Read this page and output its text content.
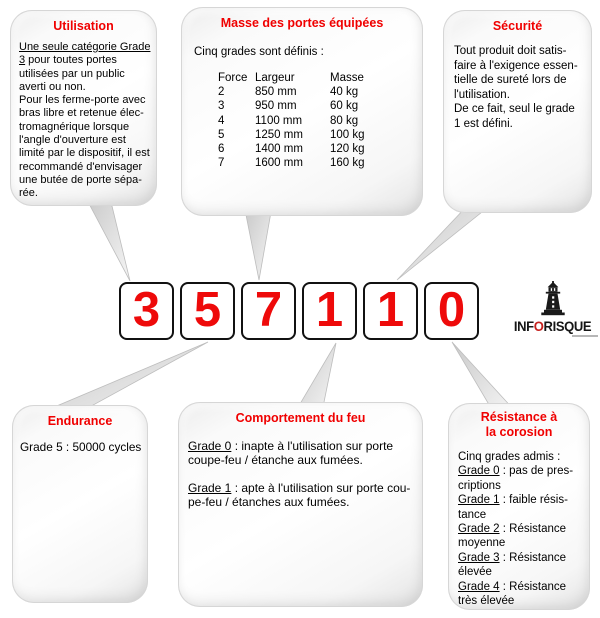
Utilisation
Une seule catégorie Grade
3 pour toutes portes
utilisées par un public
averti ou non.
Pour les ferme-porte avec
bras libre et retenue élec-
tromagnérique lorsque
l'angle d'ouverture est
limité par le dispositif, il est
recommandé d'envisager
une butée de porte sépa-
rée.
Masse des portes équipées
Cinq grades sont définis :
Force Largeur	Masse
2	850 mm	40 kg
3	950 mm	60 kg
4	1100 mm	80 kg
5	1250 mm	100 kg
6	1400 mm	120 kg
7	1600 mm	160 kg
Sécurité
Tout produit doit satis-
faire à l'exigence essen-
tielle de sureté lors de
l'utilisation.
De ce fait, seul le grade
1 est défini.
3 5 7 1 1 0	INFORISQUE
Endurance
Grade 5 : 50000 cycles
Comportement du feu
Grade 0 : inapte à l'utilisation sur porte
coupe-feu / étanche aux fumées.
Grade 1 : apte à l'utilisation sur porte cou-
pe-feu / étanches aux fumées.
Résistance à
la corosion
Cinq grades admis :
Grade 0 : pas de pres-
criptions
Grade 1 : faible résis-
tance
Grade 2 : Résistance
moyenne
Grade 3 : Résistance
élevée
Grade 4 : Résistance
très élevée
